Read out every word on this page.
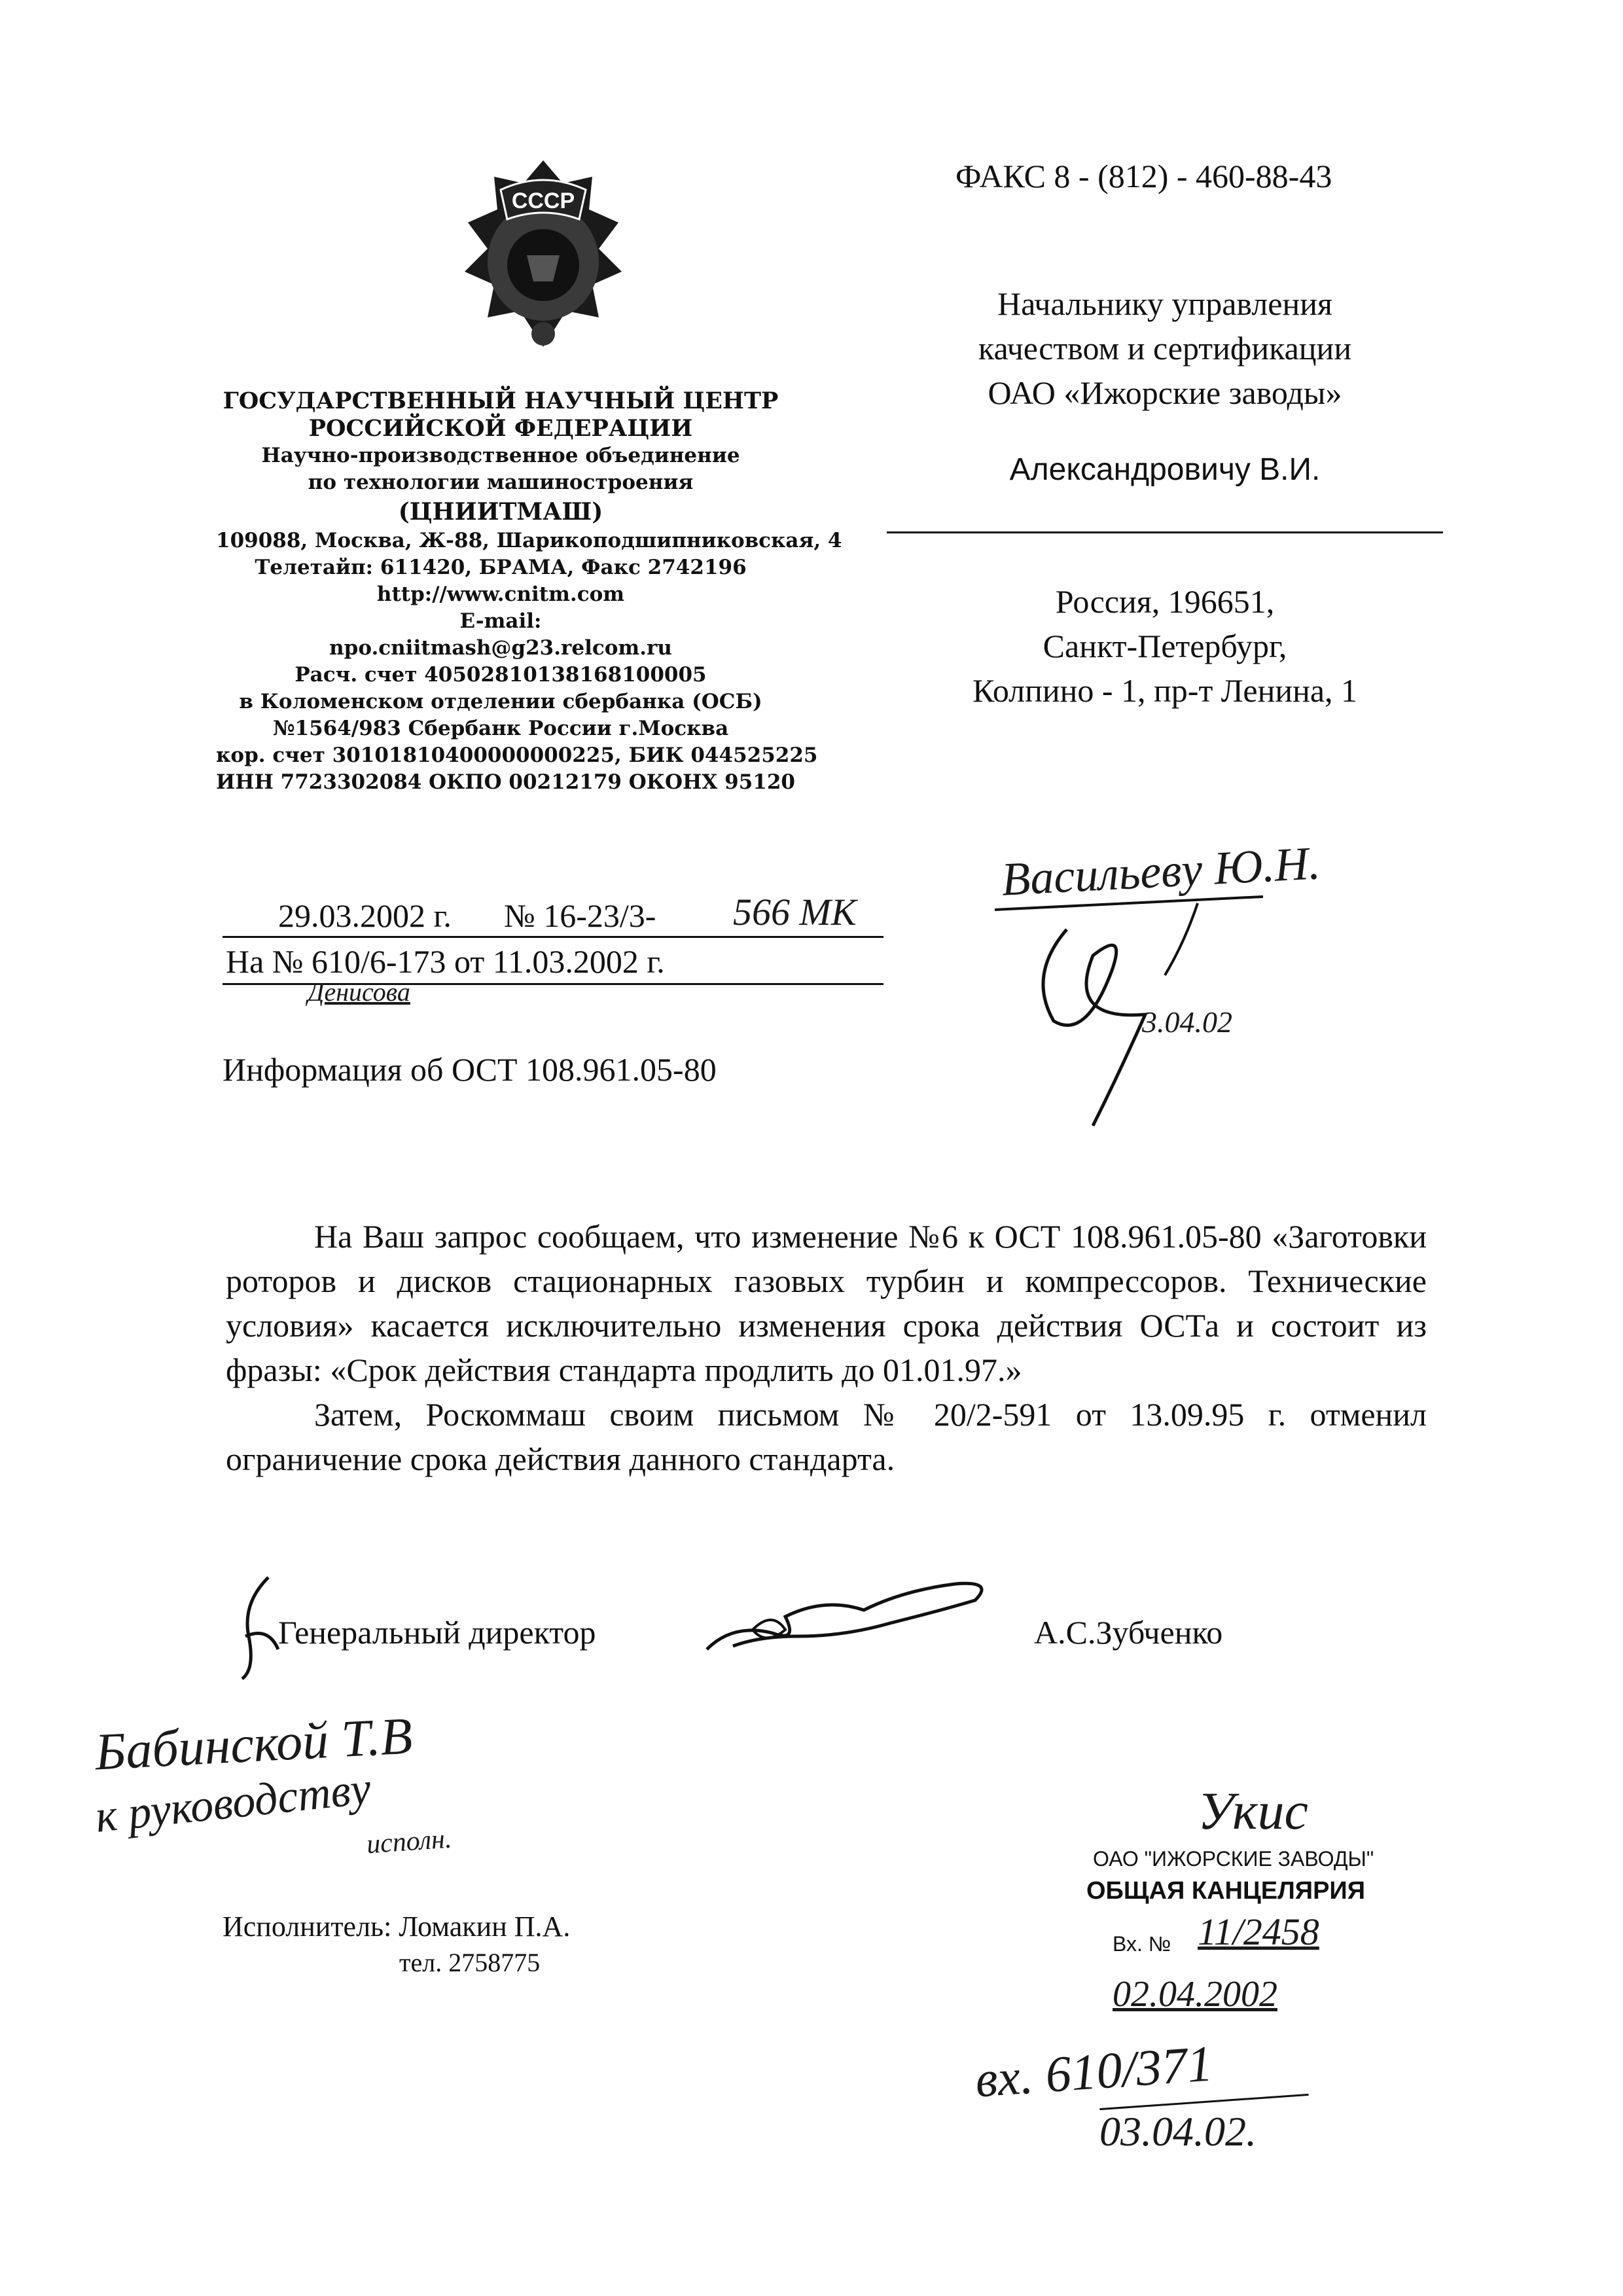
СССР
ФАКС 8 - (812) - 460-88-43
Начальнику управления
качеством и сертификации
ОАО «Ижорские заводы»
Александровичу В.И.
Россия, 196651,
Санкт-Петербург,
Колпино - 1, пр-т Ленина, 1
ГОСУДАРСТВЕННЫЙ НАУЧНЫЙ ЦЕНТР
РОССИЙСКОЙ ФЕДЕРАЦИИ
Научно-производственное объединение
по технологии машиностроения
(ЦНИИТМАШ)
109088, Москва, Ж-88, Шарикоподшипниковская, 4
Телетайп: 611420, БРАМА, Факс 2742196
http://www.cnitm.com
E-mail:
npo.cniitmash@g23.relcom.ru
Расч. счет 40502810138168100005
в Коломенском отделении сбербанка (ОСБ)
№1564/983 Сбербанк России г.Москва
кор. счет 30101810400000000225, БИК 044525225
ИНН 7723302084 ОКПО 00212179 ОКОНХ 95120
29.03.2002 г. № 16-23/3- 566 МК
На № 610/6-173 от 11.03.2002 г.
Денисова
Информация об ОСТ 108.961.05-80
На Ваш запрос сообщаем, что изменение №6 к ОСТ 108.961.05-80 «Заготовки роторов и дисков стационарных газовых турбин и компрессоров. Технические условия» касается исключительно изменения срока действия ОСТа и состоит из фразы: «Срок действия стандарта продлить до 01.01.97.»
Затем, Роскоммаш своим письмом № 20/2-591 от 13.09.95 г. отменил ограничение срока действия данного стандарта.
Генеральный директор	А.С.Зубченко
Васильеву Ю.Н.
3.04.02
Бабинской Т.В
к руководству
исполн.
Исполнитель: Ломакин П.А.
тел. 2758775
Укис
ОАО "ИЖОРСКИЕ ЗАВОДЫ"
ОБЩАЯ КАНЦЕЛЯРИЯ
Вх. № 11/2458
02.04.2002
вх. 610/371
03.04.02.
